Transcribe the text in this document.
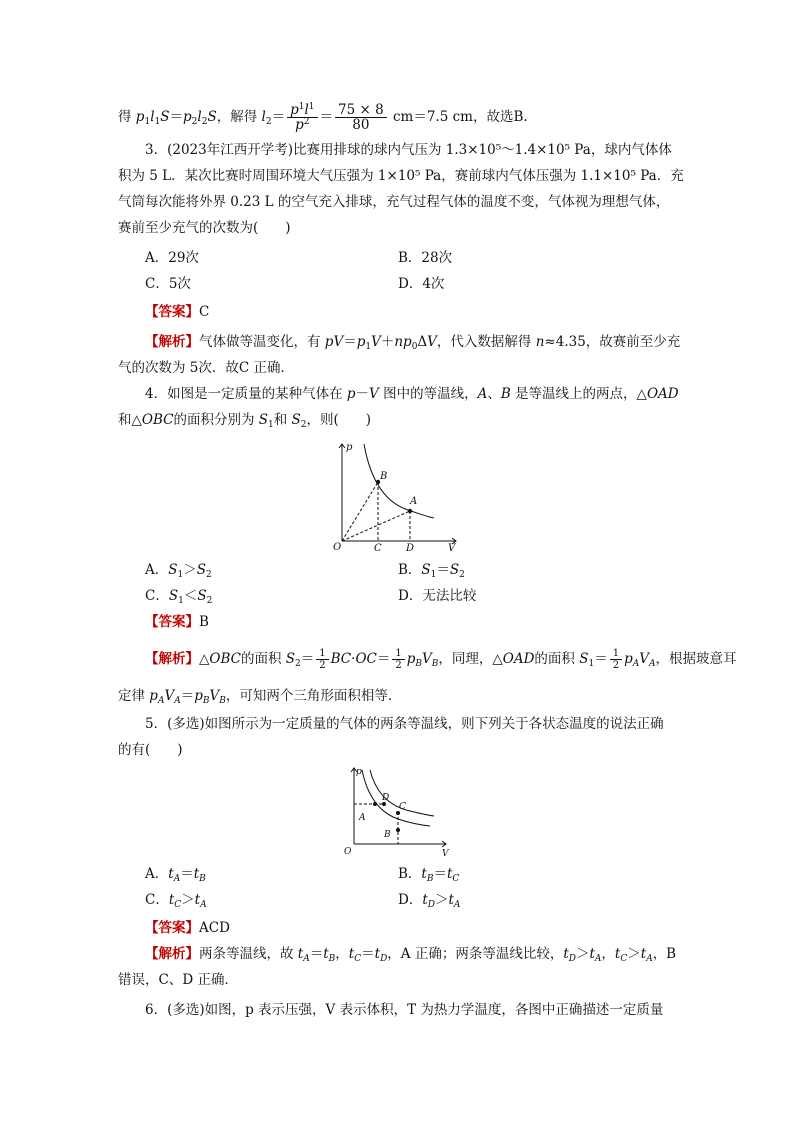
得 $p_1l_1S=p_2l_2S$，解得 $l_2= \frac{p^1l^1}{p^2} = \frac{75 \times 8}{80} cm=7.5$ cm，故选B.
3．(2023年江西开学考)比赛用排球的球内气压为 1.3×10⁵～1.4×10⁵ Pa，球内气体体
积为 5 L．某次比赛时周围环境大气压强为 1×10⁵ Pa，赛前球内气体压强为 1.1×10⁵ Pa．充
气筒每次能将外界 0.23 L 的空气充入排球，充气过程气体的温度不变，气体视为理想气体，
赛前至少充气的次数为(　　)
A．29次	B．28次
C．5次	D．4次
【答案】C
【解析】气体做等温变化，有 $pV=p_1V+np_0\Delta V$，代入数据解得 n≈4.35，故赛前至少充
气的次数为 5次．故C 正确．
4．如图是一定质量的某种气体在 p－V 图中的等温线，A、B 是等温线上的两点，△OAD
和△OBC的面积分别为 $S_1$和 $S_2$，则(　　)
p
V
O
B
A
C D
A．$S_1>S_2$	B．$S_1=S_2$
C．$S_1<S_2$	D．无法比较
【答案】B
【解析】△OBC的面积 $S_2= \frac{1}{2} BC\cdot OC= \frac{1}{2} p_BV_B$，同理，△OAD的面积 $S_1= \frac{1}{2} p_AV_A$，根据玻意耳
定律 $p_AV_A=p_BV_B$，可知两个三角形面积相等．
5．(多选)如图所示为一定质量的气体的两条等温线，则下列关于各状态温度的说法正确
的有(　　)
p
V
O
A
B
C
D
A．$t_A=t_B$	B．$t_B=t_C$
C．$t_C>t_A$	D．$t_D>t_A$
【答案】ACD
【解析】两条等温线，故 $t_A=t_B$，$t_C=t_D$，A 正确；两条等温线比较，$t_D>t_A$，$t_C>t_A$，B
错误，C、D 正确．
6．(多选)如图，p 表示压强，V 表示体积，T 为热力学温度，各图中正确描述一定质量
